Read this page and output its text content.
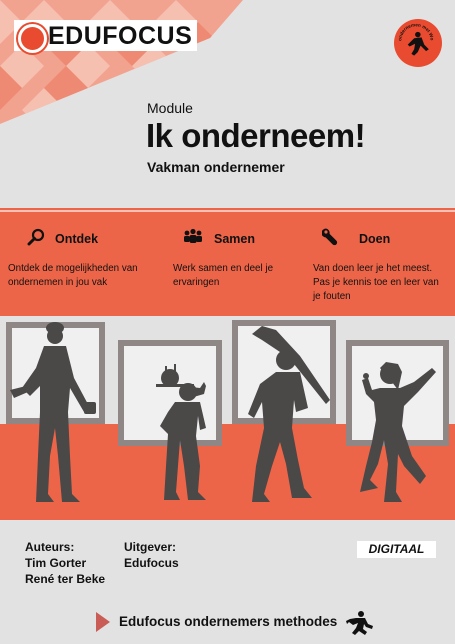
EDUFOCUS	ondernemen met Wo
Module
Ik onderneem!
Vakman ondernemer
Ontdek
Ontdek de mogelijkheden van ondernemen in jou vak
Samen
Werk samen en deel je ervaringen
Doen
Van doen leer je het meest. Pas je kennis toe en leer van je fouten
Auteurs:
Tim Gorter
René ter Beke
Uitgever:
Edufocus
DIGITAAL
Edufocus ondernemers methodes
